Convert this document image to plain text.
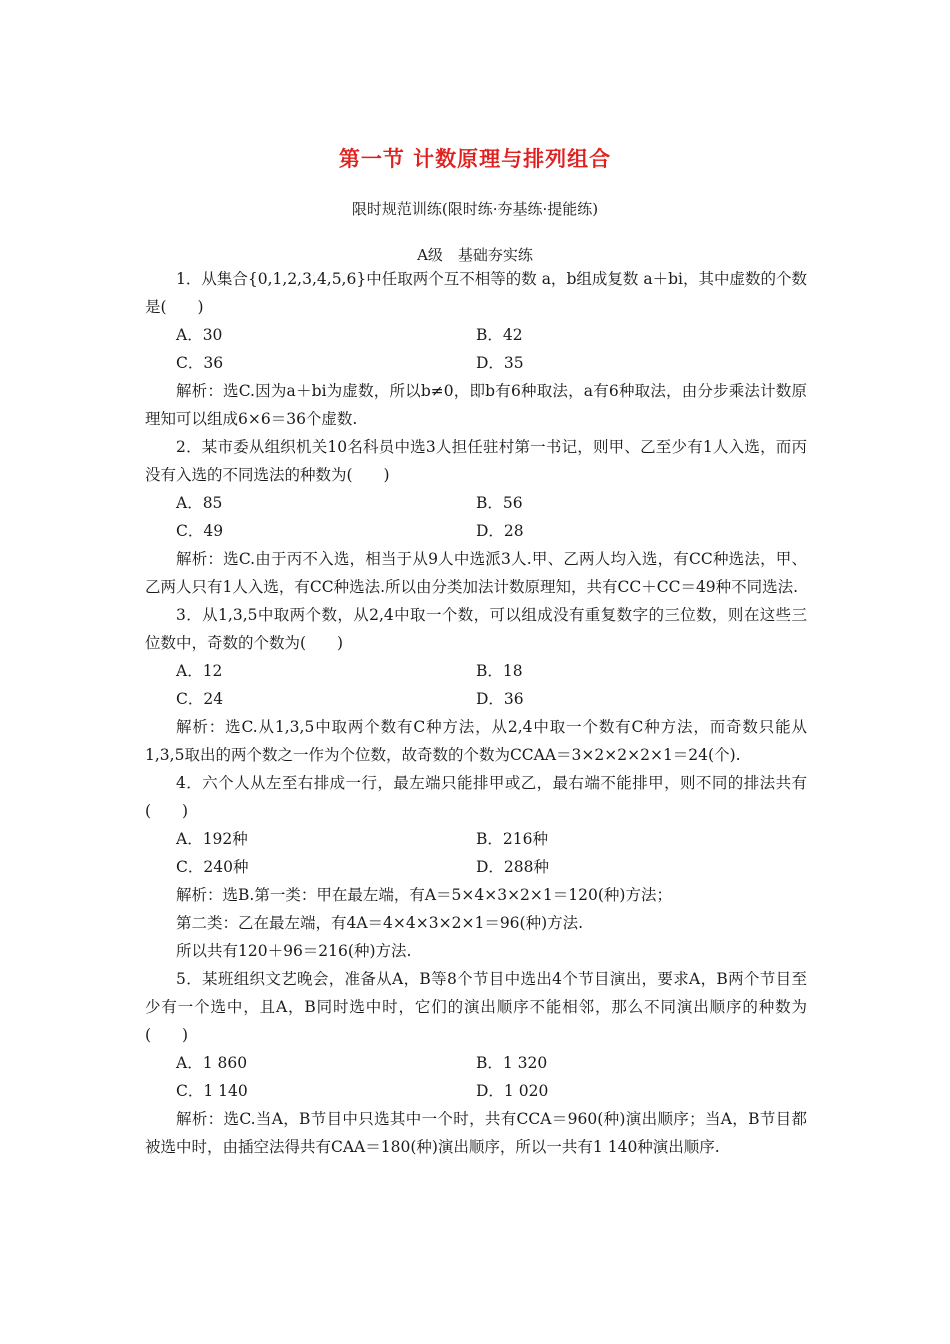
第一节 计数原理与排列组合
限时规范训练(限时练·夯基练·提能练)
A级　基础夯实练

1．从集合{0,1,2,3,4,5,6}中任取两个互不相等的数 a，b组成复数 a＋bi，其中虚数的个数是(　　)

A．30	B．42
C．36	D．35

解析：选C.因为a＋bi为虚数，所以b≠0，即b有6种取法，a有6种取法，由分步乘法计数原理知可以组成6×6＝36个虚数.

2．某市委从组织机关10名科员中选3人担任驻村第一书记，则甲、乙至少有1人入选，而丙没有入选的不同选法的种数为(　　)

A．85	B．56
C．49	D．28

解析：选C.由于丙不入选，相当于从9人中选派3人.甲、乙两人均入选，有CC种选法，甲、乙两人只有1人入选，有CC种选法.所以由分类加法计数原理知，共有CC＋CC＝49种不同选法.

3．从1,3,5中取两个数，从2,4中取一个数，可以组成没有重复数字的三位数，则在这些三位数中，奇数的个数为(　　)

A．12	B．18
C．24	D．36

解析：选C.从1,3,5中取两个数有C种方法，从2,4中取一个数有C种方法，而奇数只能从1,3,5取出的两个数之一作为个位数，故奇数的个数为CCAA＝3×2×2×2×1＝24(个).

4．六个人从左至右排成一行，最左端只能排甲或乙，最右端不能排甲，则不同的排法共有(　　)

A．192种	B．216种
C．240种	D．288种

解析：选B.第一类：甲在最左端，有A＝5×4×3×2×1＝120(种)方法；

第二类：乙在最左端，有4A＝4×4×3×2×1＝96(种)方法.

所以共有120＋96＝216(种)方法.

5．某班组织文艺晚会，准备从A，B等8个节目中选出4个节目演出，要求A，B两个节目至少有一个选中，且A，B同时选中时，它们的演出顺序不能相邻，那么不同演出顺序的种数为(　　)

A．1 860	B．1 320
C．1 140	D．1 020

解析：选C.当A，B节目中只选其中一个时，共有CCA＝960(种)演出顺序；当A，B节目都被选中时，由插空法得共有CAA＝180(种)演出顺序，所以一共有1 140种演出顺序.
